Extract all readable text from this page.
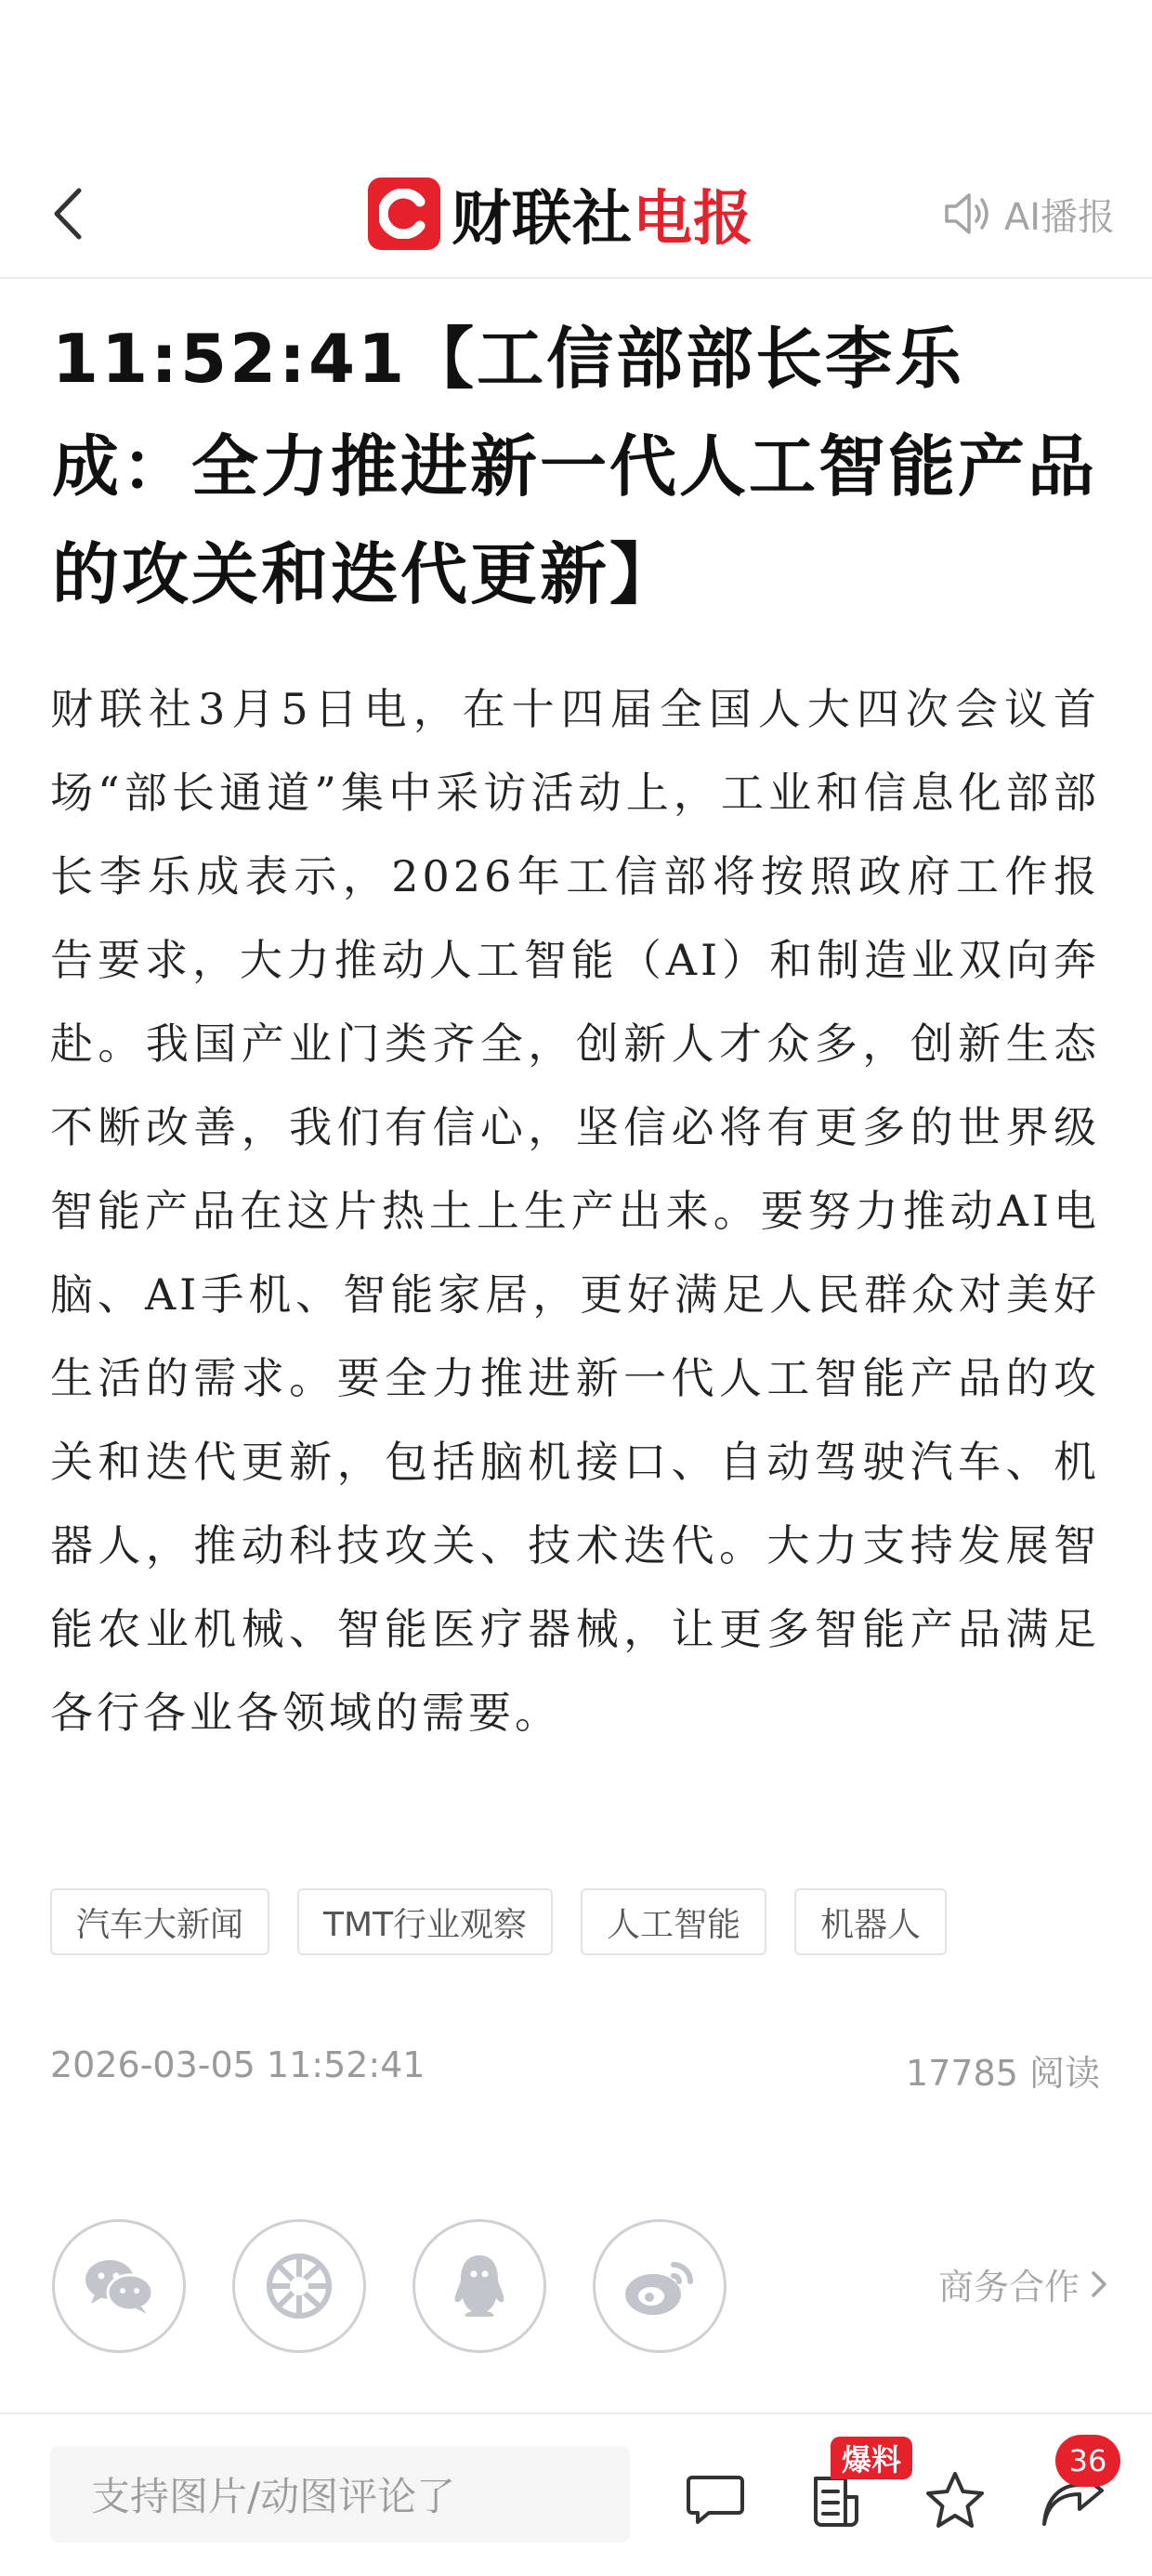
财联社电报	AI播报
11:52:41【工信部部长李乐成：全力推进新一代人工智能产品的攻关和迭代更新】

财联社3月5日电，在十四届全国人大四次会议首场“部长通道”集中采访活动上，工业和信息化部部长李乐成表示，2026年工信部将按照政府工作报告要求，大力推动人工智能（AI）和制造业双向奔赴。我国产业门类齐全，创新人才众多，创新生态不断改善，我们有信心，坚信必将有更多的世界级智能产品在这片热土上生产出来。要努力推动AI电脑、AI手机、智能家居，更好满足人民群众对美好生活的需求。要全力推进新一代人工智能产品的攻关和迭代更新，包括脑机接口、自动驾驶汽车、机器人，推动科技攻关、技术迭代。大力支持发展智能农业机械、智能医疗器械，让更多智能产品满足各行各业各领域的需要。

汽车大新闻	TMT行业观察	人工智能	机器人
2026-03-05 11:52:41	17785 阅读
商务合作
支持图片/动图评论了
爆料	36
